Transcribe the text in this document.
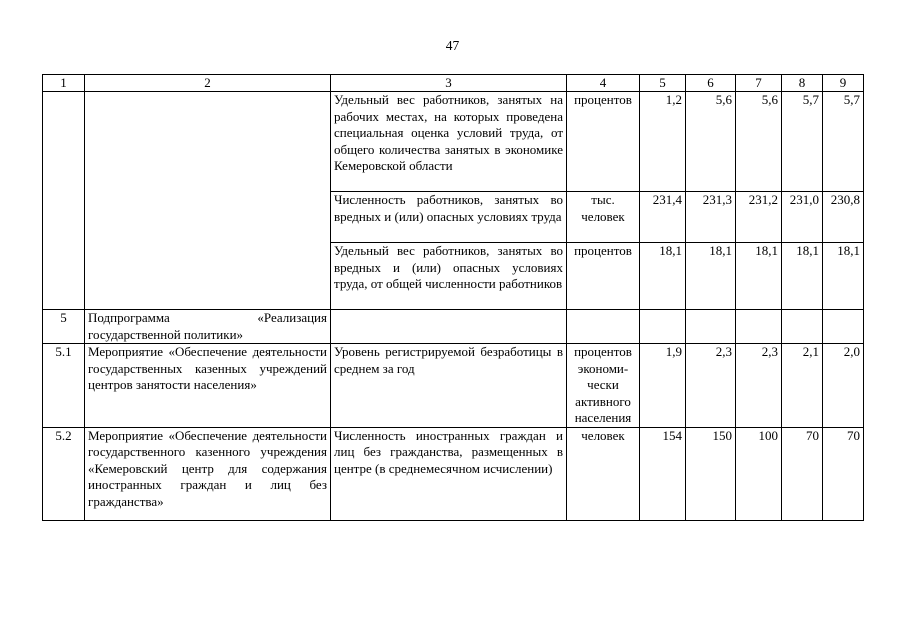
47
1	2	3	4	5	6	7	8	9
		Удельный вес работников, занятых на рабочих местах, на которых проведена специальная оценка условий труда, от общего количества занятых в экономике Кемеровской области	процентов	1,2	5,6	5,6	5,7	5,7
		Численность работников, занятых во вредных и (или) опасных условиях труда	тыс. человек	231,4	231,3	231,2	231,0	230,8
		Удельный вес работников, занятых во вредных и (или) опасных условиях труда, от общей численности работников	процентов	18,1	18,1	18,1	18,1	18,1
5	Подпрограмма «Реализация государственной политики»							
5.1	Мероприятие «Обеспечение деятельности государственных казенных учреждений центров занятости населения»	Уровень регистрируемой безработицы в среднем за год	процентов экономи-чески активного населения	1,9	2,3	2,3	2,1	2,0
5.2	Мероприятие «Обеспечение деятельности государственного казенного учреждения «Кемеровский центр для содержания иностранных граждан и лиц без гражданства»	Численность иностранных граждан и лиц без гражданства, размещенных в центре (в среднемесячном исчислении)	человек	154	150	100	70	70
